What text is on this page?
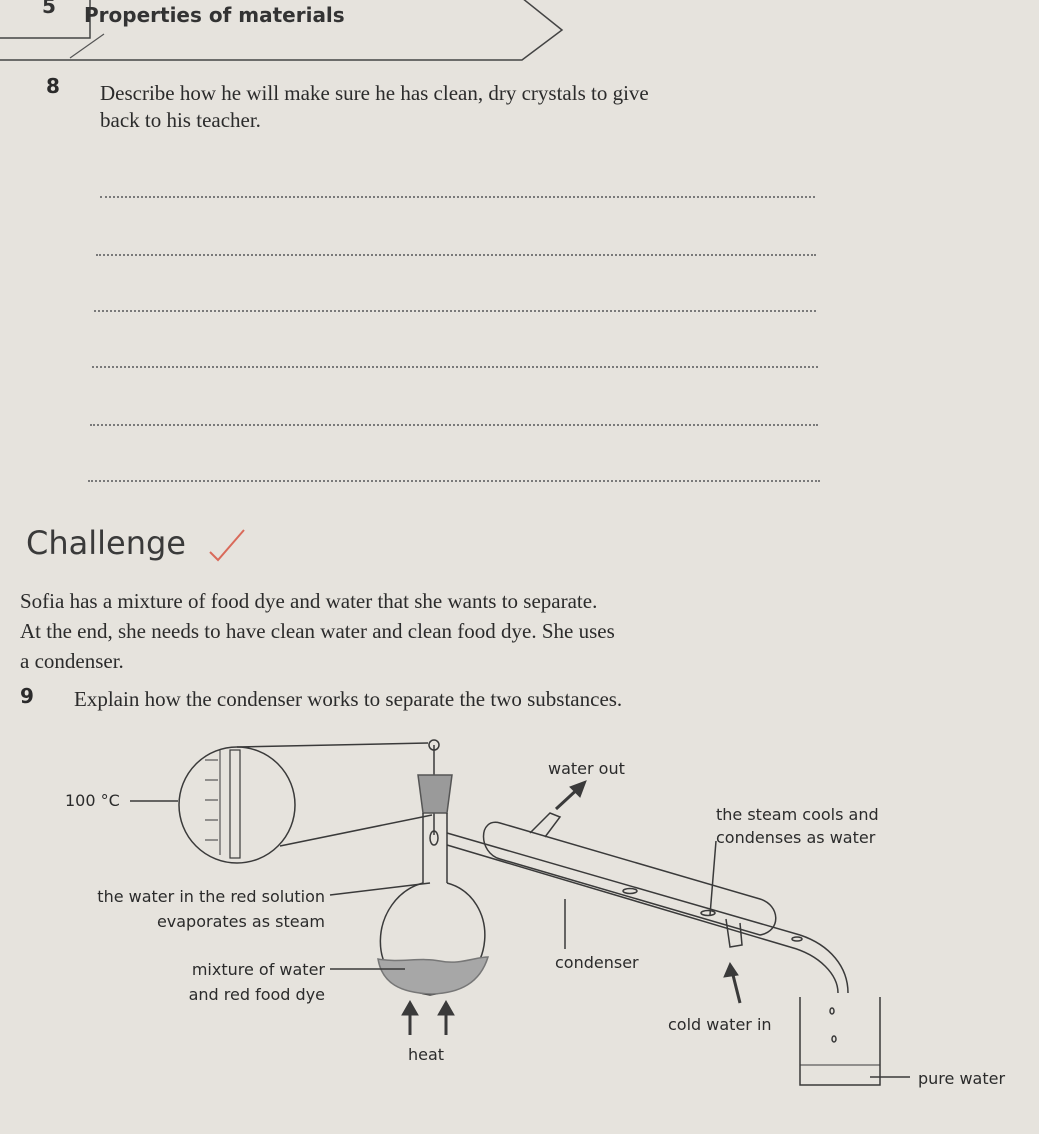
5 Properties of materials
8 Describe how he will make sure he has clean, dry crystals to give
back to his teacher.
Challenge
Sofia has a mixture of food dye and water that she wants to separate.
At the end, she needs to have clean water and clean food dye. She uses
a condenser.
9 Explain how the condenser works to separate the two substances.
100 °C
water out
the steam cools and
condenses as water
the water in the red solution
evaporates as steam
mixture of water
and red food dye
condenser
cold water in
heat
pure water
